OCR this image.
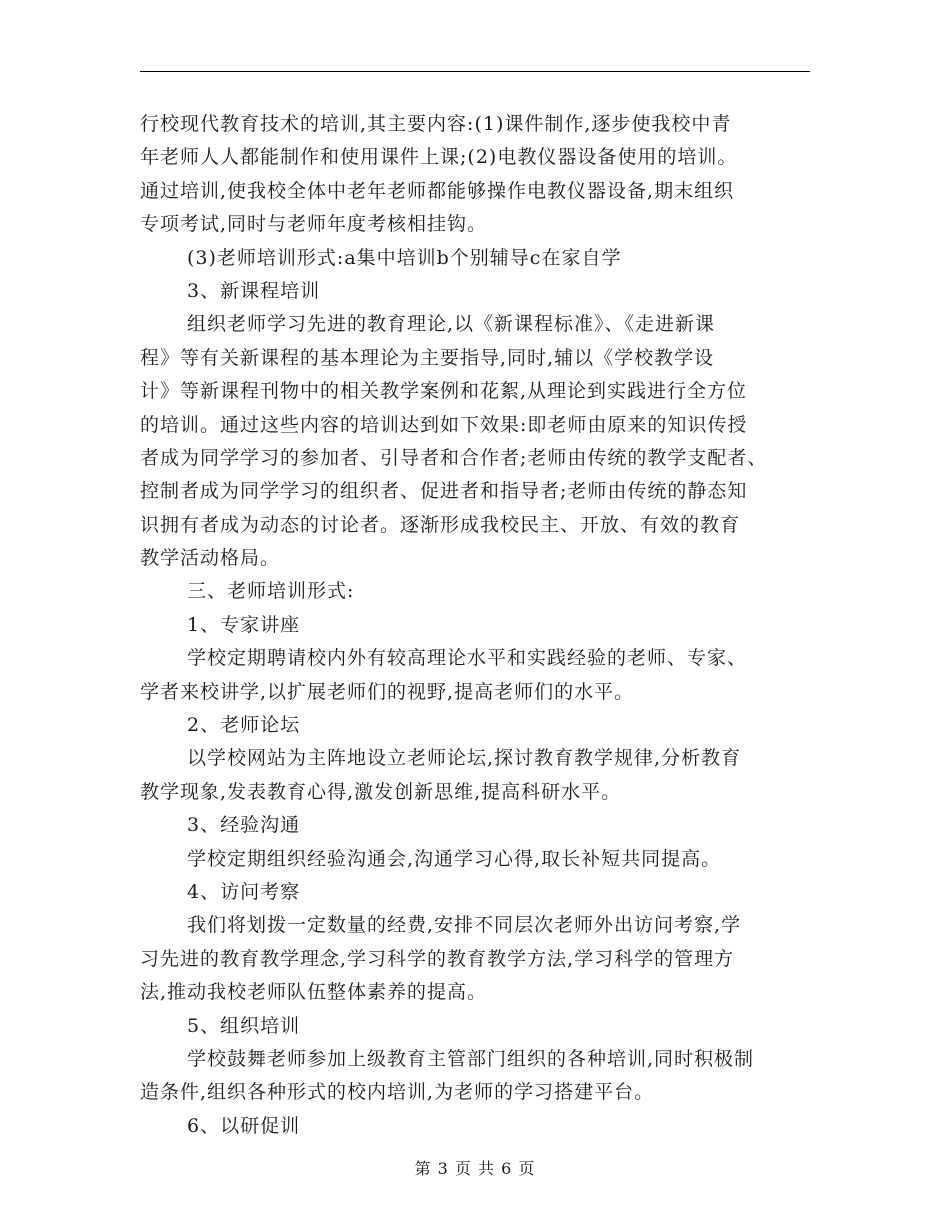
行校现代教育技术的培训,其主要内容:(1)课件制作,逐步使我校中青
年老师人人都能制作和使用课件上课;(2)电教仪器设备使用的培训。
通过培训,使我校全体中老年老师都能够操作电教仪器设备,期末组织
专项考试,同时与老师年度考核相挂钩。
(3)老师培训形式:a集中培训b个别辅导c在家自学
3、新课程培训
组织老师学习先进的教育理论,以《新课程标准》、《走进新课
程》等有关新课程的基本理论为主要指导,同时,辅以《学校教学设
计》等新课程刊物中的相关教学案例和花絮,从理论到实践进行全方位
的培训。通过这些内容的培训达到如下效果:即老师由原来的知识传授
者成为同学学习的参加者、引导者和合作者;老师由传统的教学支配者、
控制者成为同学学习的组织者、促进者和指导者;老师由传统的静态知
识拥有者成为动态的讨论者。逐渐形成我校民主、开放、有效的教育
教学活动格局。
三、老师培训形式:
1、专家讲座
学校定期聘请校内外有较高理论水平和实践经验的老师、专家、
学者来校讲学,以扩展老师们的视野,提高老师们的水平。
2、老师论坛
以学校网站为主阵地设立老师论坛,探讨教育教学规律,分析教育
教学现象,发表教育心得,激发创新思维,提高科研水平。
3、经验沟通
学校定期组织经验沟通会,沟通学习心得,取长补短共同提高。
4、访问考察
我们将划拨一定数量的经费,安排不同层次老师外出访问考察,学
习先进的教育教学理念,学习科学的教育教学方法,学习科学的管理方
法,推动我校老师队伍整体素养的提高。
5、组织培训
学校鼓舞老师参加上级教育主管部门组织的各种培训,同时积极制
造条件,组织各种形式的校内培训,为老师的学习搭建平台。
6、以研促训
第 3 页 共 6 页
